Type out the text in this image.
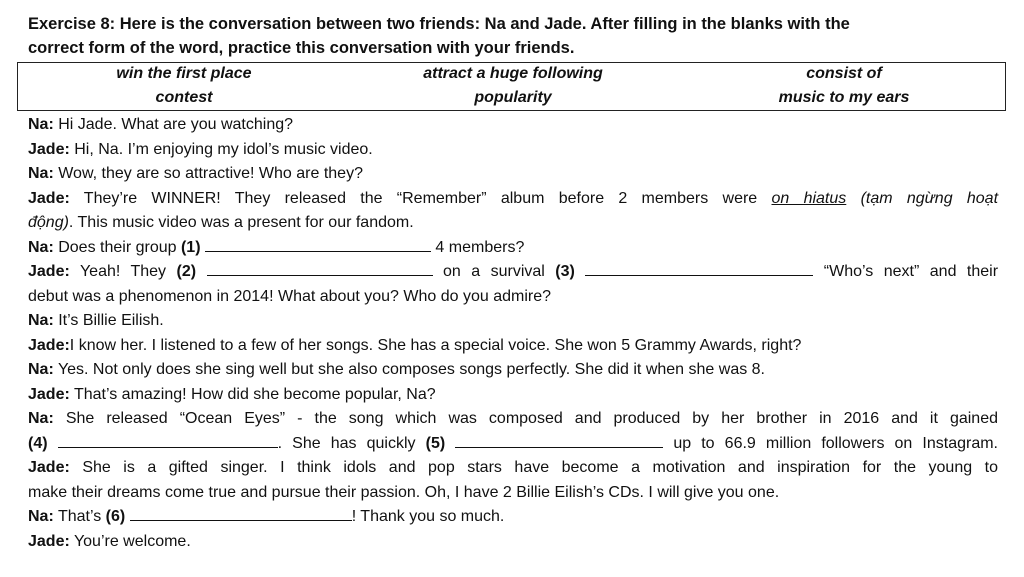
Exercise 8: Here is the conversation between two friends: Na and Jade. After filling in the blanks with the
correct form of the word, practice this conversation with your friends.
win the first place	attract a huge following	consist of
contest	popularity	music to my ears
Na: Hi Jade. What are you watching?
Jade: Hi, Na. I’m enjoying my idol’s music video.
Na: Wow, they are so attractive! Who are they?
Jade: They’re WINNER! They released the “Remember” album before 2 members were on hiatus (tạm ngừng hoạt
động). This music video was a present for our fandom.
Na: Does their group (1)	4 members?
Jade: Yeah! They (2)	on a survival (3)	“Who’s next” and their
debut was a phenomenon in 2014! What about you? Who do you admire?
Na: It’s Billie Eilish.
Jade:I know her. I listened to a few of her songs. She has a special voice. She won 5 Grammy Awards, right?
Na: Yes. Not only does she sing well but she also composes songs perfectly. She did it when she was 8.
Jade: That’s amazing! How did she become popular, Na?
Na: She released “Ocean Eyes” - the song which was composed and produced by her brother in 2016 and it gained
(4)	. She has quickly (5)	up to 66.9 million followers on Instagram.
Jade: She is a gifted singer. I think idols and pop stars have become a motivation and inspiration for the young to
make their dreams come true and pursue their passion. Oh, I have 2 Billie Eilish’s CDs. I will give you one.
Na: That’s (6)	! Thank you so much.
Jade: You’re welcome.
